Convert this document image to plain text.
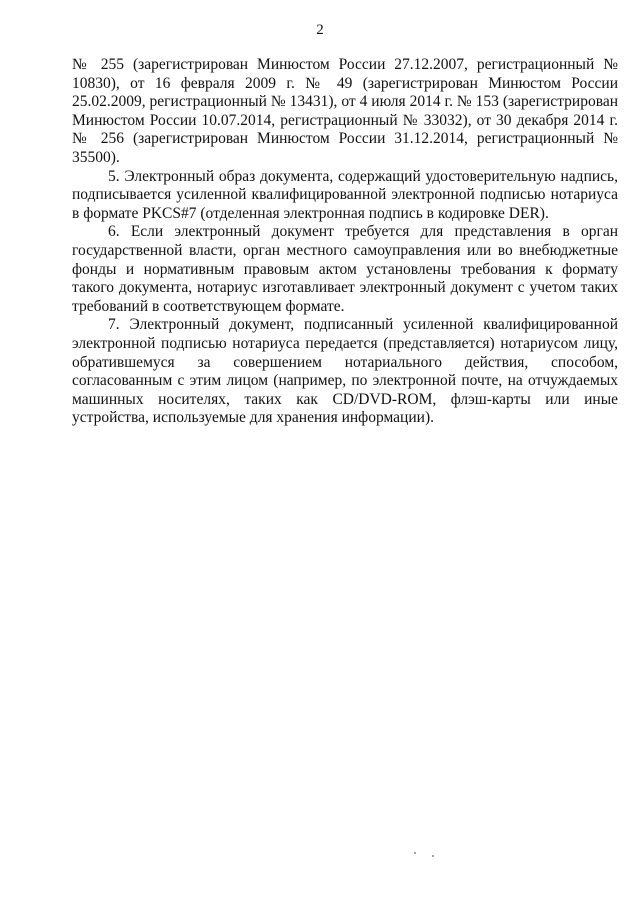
2

№ 255 (зарегистрирован Минюстом России 27.12.2007, регистрационный № 10830), от 16 февраля 2009 г. № 49 (зарегистрирован Минюстом России 25.02.2009, регистрационный № 13431), от 4 июля 2014 г. № 153 (зарегистрирован Минюстом России 10.07.2014, регистрационный № 33032), от 30 декабря 2014 г. № 256 (зарегистрирован Минюстом России 31.12.2014, регистрационный № 35500).

5. Электронный образ документа, содержащий удостоверительную надпись, подписывается усиленной квалифицированной электронной подписью нотариуса в формате PKCS#7 (отделенная электронная подпись в кодировке DER).

6. Если электронный документ требуется для представления в орган государственной власти, орган местного самоуправления или во внебюджетные фонды и нормативным правовым актом установлены требования к формату такого документа, нотариус изготавливает электронный документ с учетом таких требований в соответствующем формате.

7. Электронный документ, подписанный усиленной квалифицированной электронной подписью нотариуса передается (представляется) нотариусом лицу, обратившемуся за совершением нотариального действия, способом, согласованным с этим лицом (например, по электронной почте, на отчуждаемых машинных носителях, таких как CD/DVD-ROM, флэш-карты или иные устройства, используемые для хранения информации).
